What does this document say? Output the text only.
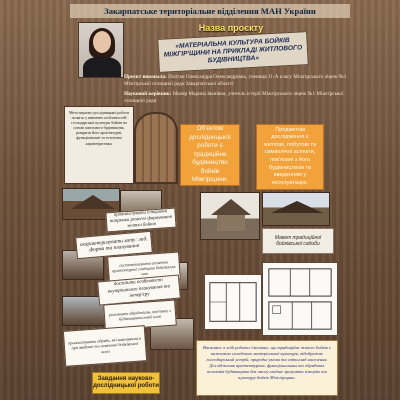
Закарпатське територіальне відділення МАН України
Назва проєкту
«МАТЕРІАЛЬНА КУЛЬТУРА БОЙКІВ МІЖГІР'ЩИНИ НА ПРИКЛАДІ ЖИТЛОВОГО БУДІВНИЦТВА»
Проєкт виконала: Плитан Олександра Олександрівна, учениця 11-А класу Міжгірського ліцею №1 Міжгірської селищної ради Закарпатської області
Науковий керівник: Маляр Марина Іванівна, учитель історії Міжгірського ліцею №1 Міжгірської селищної ради
Мета науково-дослідницької роботи полягає у вивченні особливостей господарської культури бойків на основі житлового будівництва, розкрити його архітектурні, функціональні та естетичні характеристики.
Об'єктом дослідницької роботи є традиційне будівництво бойків Міжгірщини.
Предметом дослідження є житлові, побутові та символічні аспекти, пов'язані з його будівництвом та введенням у експлуатацію.
Макет традиційної бойківської садиби
проаналізувати історичні напрямки ремесел формування житла бойків
охарактеризувати хату: лад, форма та планування
систематизувати елементи архітектурної спадщини бойківських хат
дослідити особливості внутрішнього планування та інтер'єру
розглянути обрядовість, пов'язану з будівництвом нової оселі
проаналізувати обряди, які виконувалися при зведенні та освяченні бойківської оселі
Завдання науково-дослідницької роботи
Висновки: в ході роботи з'ясовано, що традиційне житло бойків є важливою складовою матеріальної культури, відображає господарський устрій, природні умови та світогляд населення. Дослідження архітектурних, функціональних та обрядових аспектів будівництва дає змогу глибше зрозуміти історію та культуру бойків Міжгірщини.
